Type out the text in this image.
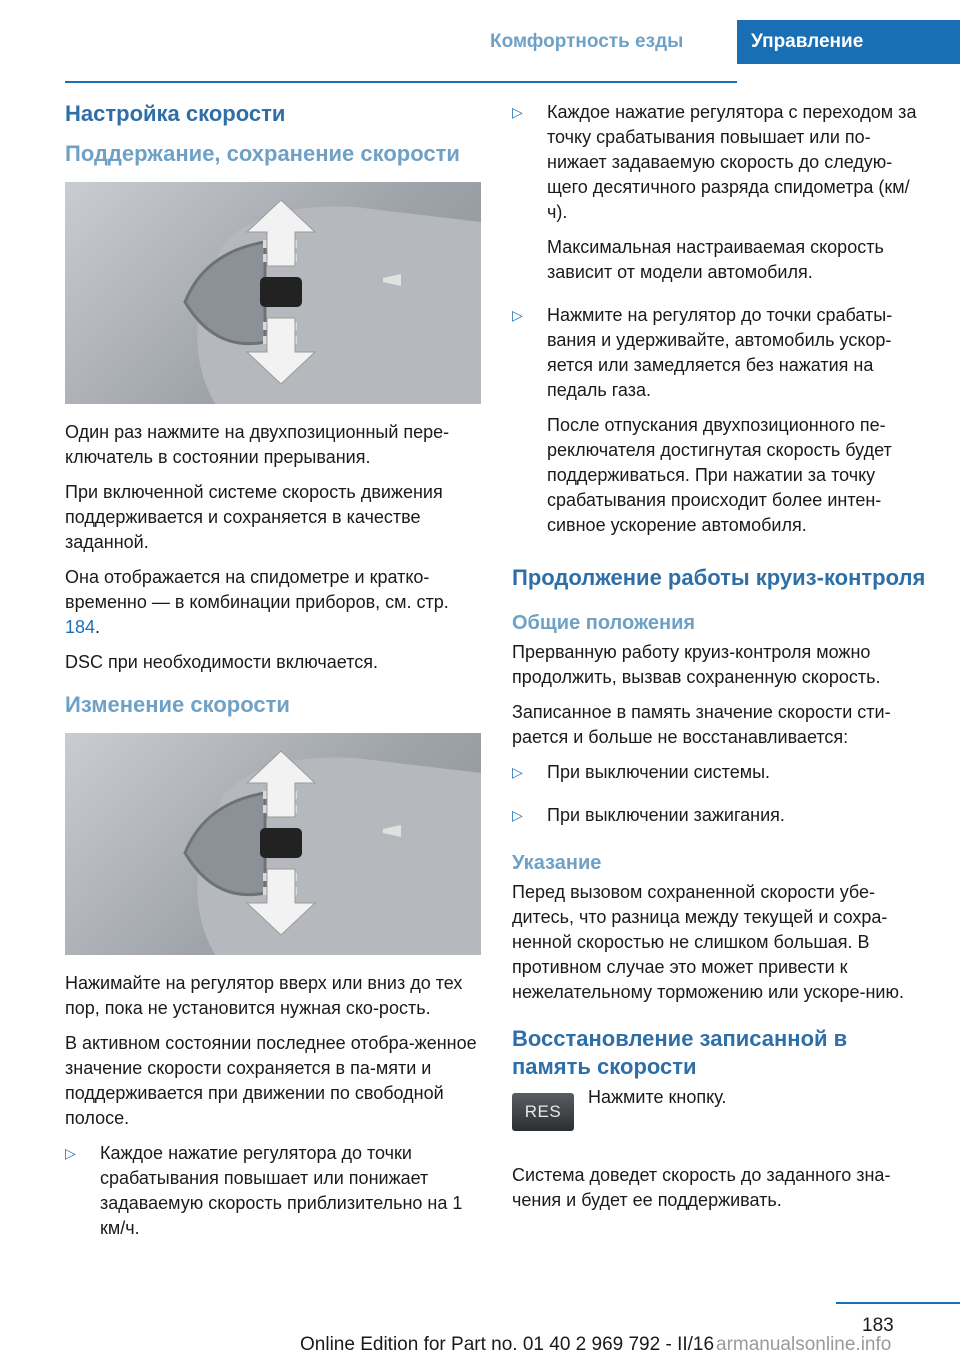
Комфортность езды	Управление
Настройка скорости
Поддержание, сохранение скорости

Один раз нажмите на двухпозиционный пере-ключатель в состоянии прерывания.

При включенной системе скорость движения поддерживается и сохраняется в качестве заданной.

Она отображается на спидометре и кратко-временно — в комбинации приборов, см. стр. 184.

DSC при необходимости включается.

Изменение скорости

Нажимайте на регулятор вверх или вниз до тех пор, пока не установится нужная ско-рость.

В активном состоянии последнее отобра-женное значение скорости сохраняется в па-мяти и поддерживается при движении по свободной полосе.

▷ Каждое нажатие регулятора до точки срабатывания повышает или понижает задаваемую скорость приблизительно на 1 км/ч.
▷ Каждое нажатие регулятора с переходом за точку срабатывания повышает или по-нижает задаваемую скорость до следую-щего десятичного разряда спидометра (км/ч).

Максимальная настраиваемая скорость зависит от модели автомобиля.

▷ Нажмите на регулятор до точки срабаты-вания и удерживайте, автомобиль ускор-яется или замедляется без нажатия на педаль газа.

После отпускания двухпозиционного пе-реключателя достигнутая скорость будет поддерживаться. При нажатии за точку срабатывания происходит более интен-сивное ускорение автомобиля.

Продолжение работы круиз-контроля
Общие положения

Прерванную работу круиз-контроля можно продолжить, вызвав сохраненную скорость.

Записанное в память значение скорости сти-рается и больше не восстанавливается:

▷ При выключении системы.
▷ При выключении зажигания.
Указание

Перед вызовом сохраненной скорости убе-дитесь, что разница между текущей и сохра-ненной скоростью не слишком большая. В противном случае это может привести к нежелательному торможению или ускоре-нию.

Восстановление записанной в память скорости
RES
Нажмите кнопку.

Система доведет скорость до заданного зна-чения и будет ее поддерживать.

183
Online Edition for Part no. 01 40 2 969 792 - II/16 armanualsonline.info
